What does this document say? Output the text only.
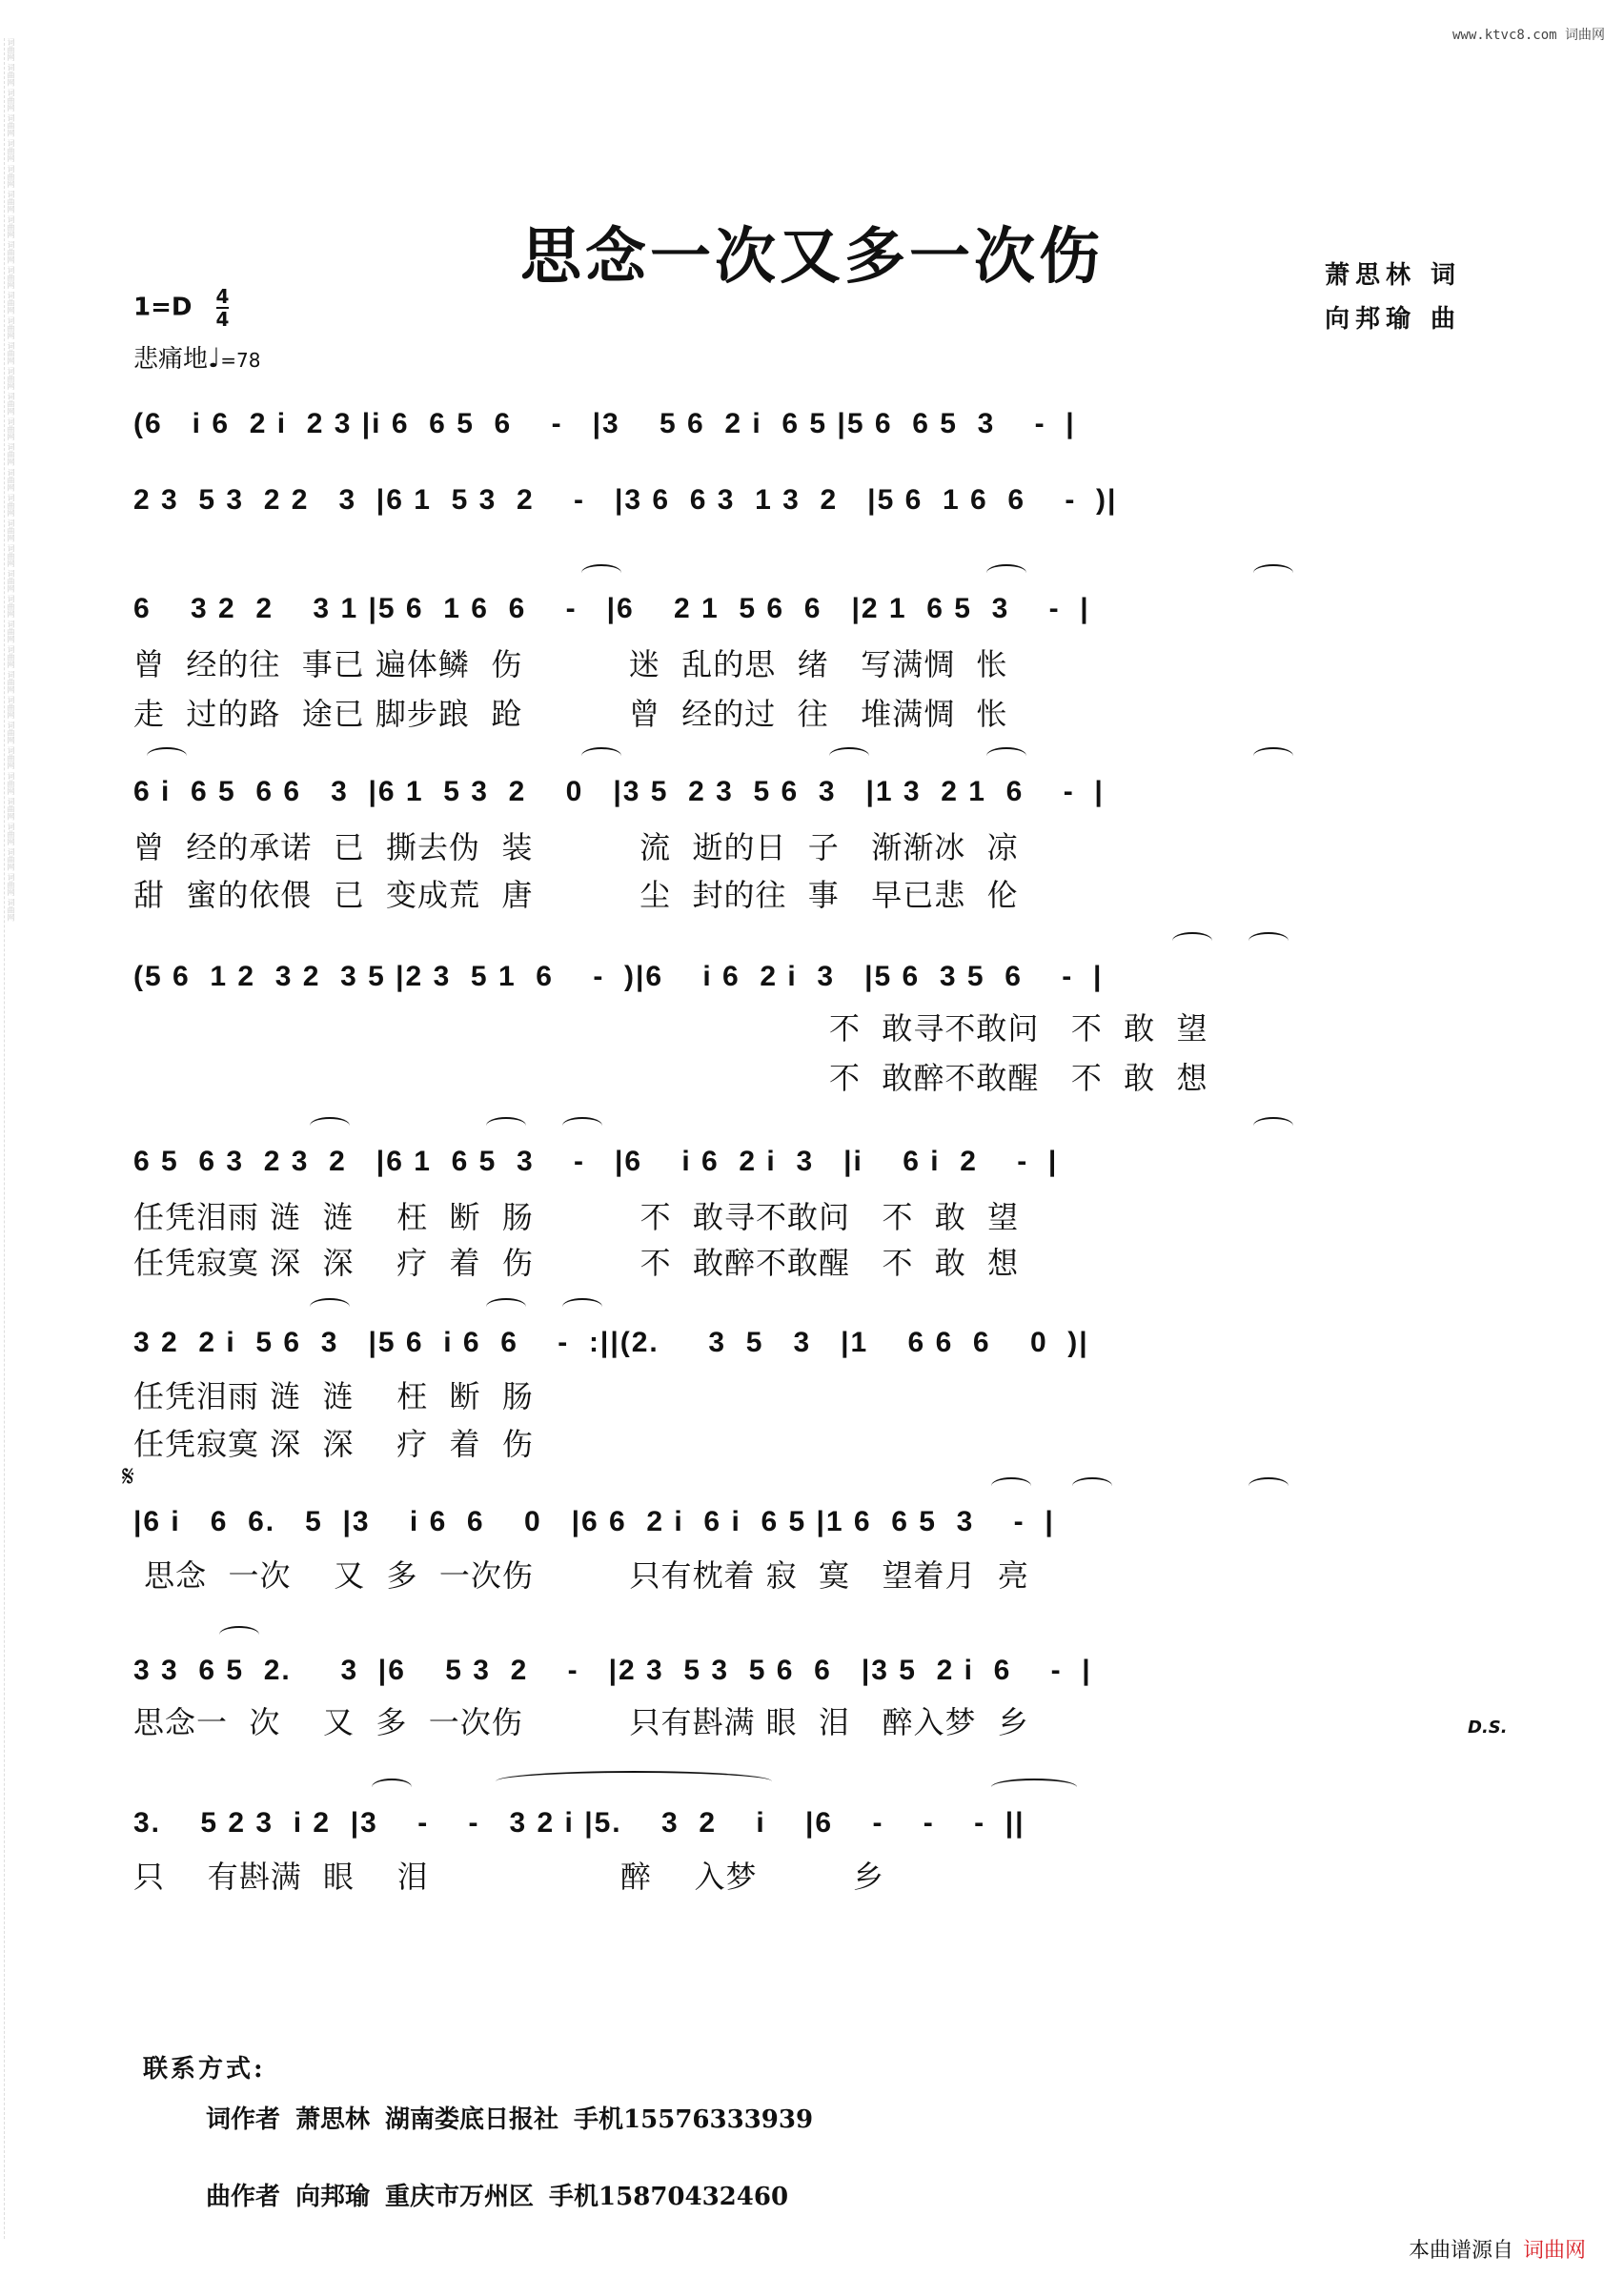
词曲网 词曲网 词曲网 词曲网 词曲网 词曲网 词曲网 词曲网 词曲网 词曲网 词曲网 词曲网 词曲网 词曲网 词曲网 词曲网 词曲网 词曲网 词曲网 词曲网 词曲网 词曲网 词曲网 词曲网 词曲网 词曲网 词曲网 词曲网 词曲网 词曲网 词曲网 词曲网 词曲网 词曲网 词曲网
www.ktvc8.com 词曲网
思念一次又多一次伤	萧思林 词
向邦瑜 曲
$1=D \frac{4}{4}$
悲痛地♩=78
(6   i 6  2 i  2 3 |i 6  6 5  6    -   |3    5 6  2 i  6 5 |5 6  6 5  3    -  |
2 3  5 3  2 2   3  |6 1  5 3  2    -   |3 6  6 3  1 3  2   |5 6  1 6  6    -  )|
6    3 2  2    3 1 |5 6  1 6  6    -   |6    2 1  5 6  6   |2 1  6 5  3    -  |
曾  经的往  事已 遍体鳞  伤          迷  乱的思  绪   写满惆  怅
走  过的路  途已 脚步踉  跄          曾  经的过  往   堆满惆  怅
6 i  6 5  6 6   3  |6 1  5 3  2    0   |3 5  2 3  5 6  3   |1 3  2 1  6    -  |
曾  经的承诺  已  撕去伪  装          流  逝的日  子   渐渐冰  凉
甜  蜜的依偎  已  变成荒  唐          尘  封的往  事   早已悲  伦
(5 6  1 2  3 2  3 5 |2 3  5 1  6    -  )|6    i 6  2 i  3   |5 6  3 5  6    -  |
不  敢寻不敢问   不  敢  望
不  敢醉不敢醒   不  敢  想
6 5  6 3  2 3  2   |6 1  6 5  3    -   |6    i 6  2 i  3   |i    6 i  2    -  |
任凭泪雨 涟  涟    枉  断  肠          不  敢寻不敢问   不  敢  望
任凭寂寞 深  深    疗  着  伤          不  敢醉不敢醒   不  敢  想
3 2  2 i  5 6  3   |5 6  i 6  6    -  :||(2.     3  5   3   |1    6 6  6    0  )|
任凭泪雨 涟  涟    枉  断  肠
任凭寂寞 深  深    疗  着  伤
𝄋
|6 i   6  6.   5  |3    i 6  6    0   |6 6  2 i  6 i  6 5 |1 6  6 5  3    -  |
思念  一次    又  多  一次伤         只有枕着 寂  寞   望着月  亮
3 3  6 5  2.     3  |6    5 3  2    -   |2 3  5 3  5 6  6   |3 5  2 i  6    -  |
思念一  次    又  多  一次伤          只有斟满 眼  泪   醉入梦  乡	D.S.
3.    5 2 3  i 2  |3    -    -   3 2 i |5.    3  2    i    |6    -    -    -  ||
只    有斟满  眼    泪                  醉    入梦         乡
联系方式:
词作者 萧思林 湖南娄底日报社 手机15576333939
曲作者 向邦瑜 重庆市万州区 手机15870432460
本曲谱源自 词曲网
